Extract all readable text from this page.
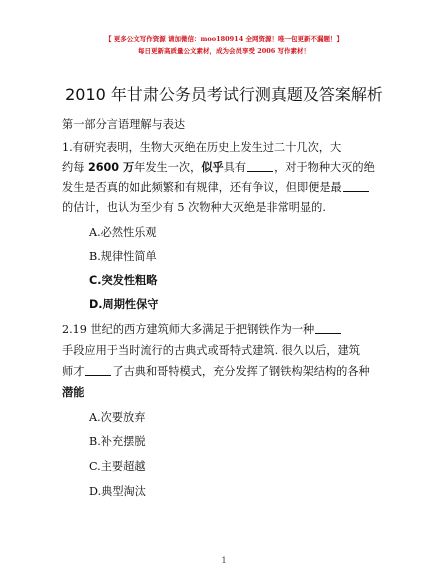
【 更多公文写作资源 请加微信：moo180914 全网资源！唯一包更新不漏题！】
每日更新高质量公文素材，成为会员享受 2006 写作素材！
2010 年甘肃公务员考试行测真题及答案解析
第一部分言语理解与表达
1.有研究表明，生物大灭绝在历史上发生过二十几次，大
约每 2600 万年发生一次，似乎具有	，对于物种大灭的绝
发生是否真的如此频繁和有规律，还有争议，但即便是最
的估计，也认为至少有 5 次物种大灭绝是非常明显的.
A.必然性乐观
B.规律性简单
C.突发性粗略
D.周期性保守
2.19 世纪的西方建筑师大多满足于把钢铁作为一种
手段应用于当时流行的古典式或哥特式建筑. 很久以后，建筑
师才	了古典和哥特模式，充分发挥了钢铁构架结构的各种
潜能
A.次要放弃
B.补充摆脱
C.主要超越
D.典型淘汰
1
